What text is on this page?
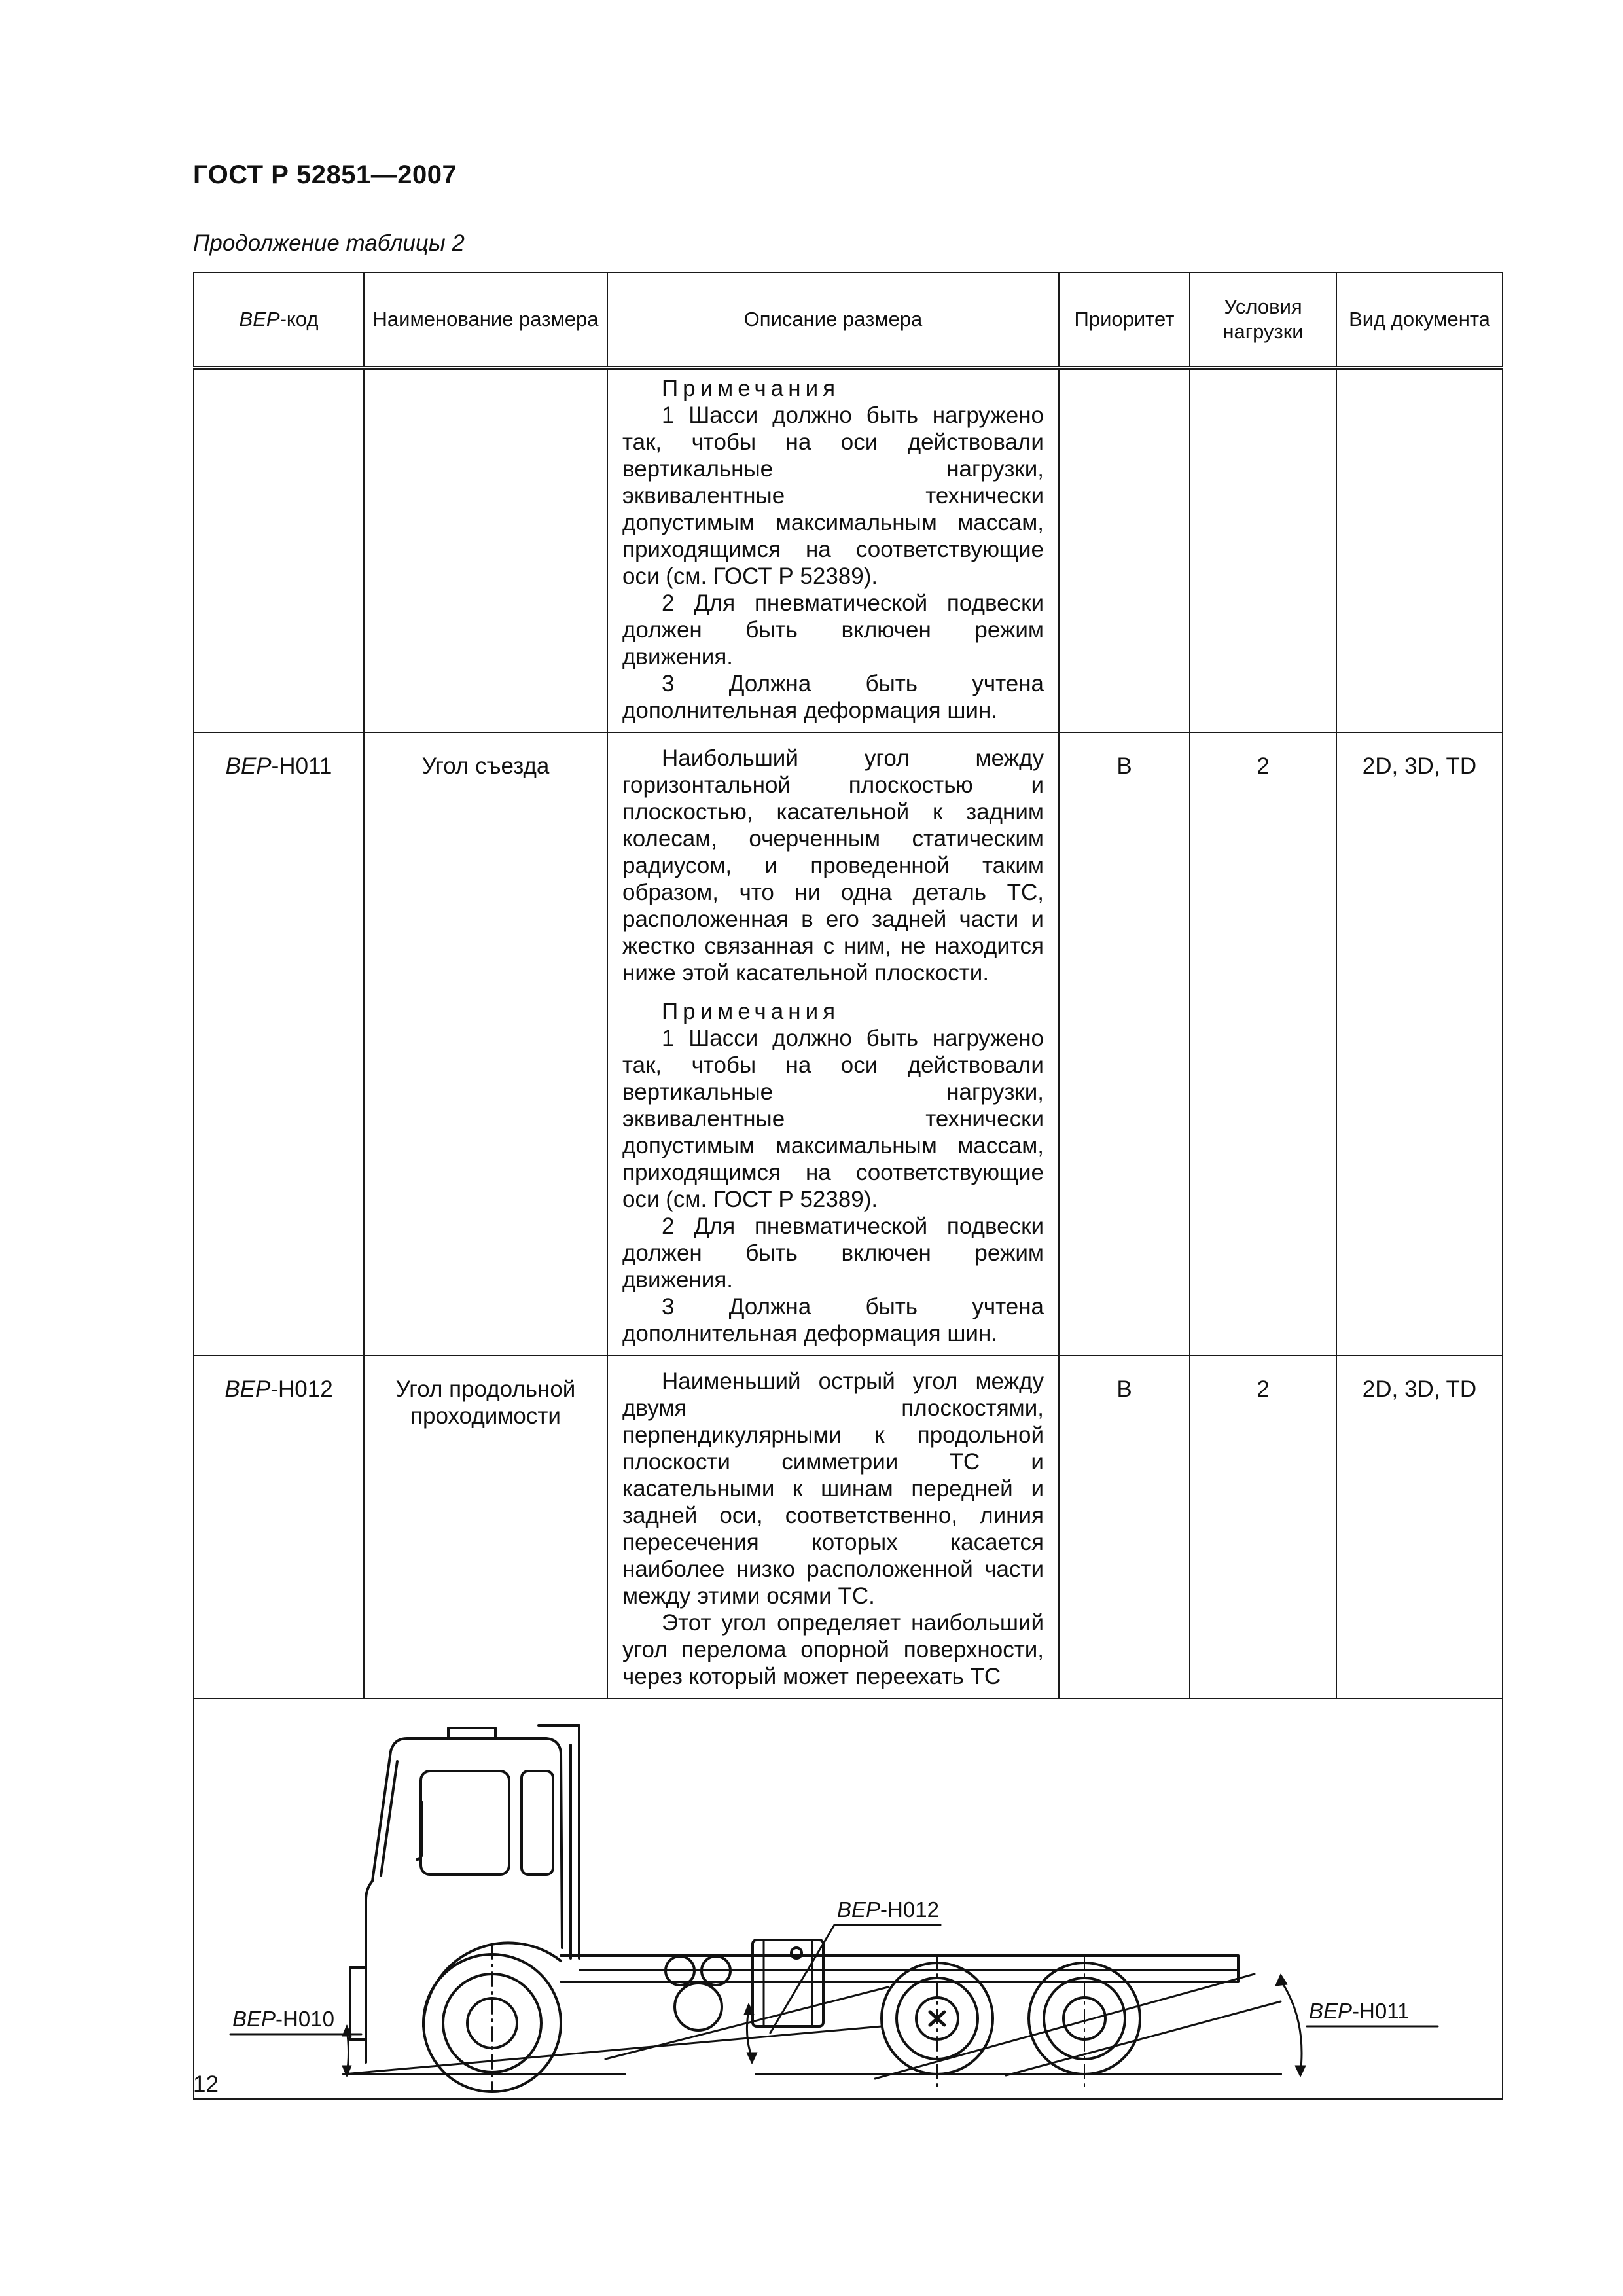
ГОСТ Р 52851—2007
Продолжение таблицы 2
ВЕР-код	Наименование размера	Описание размера	Приоритет	Условия нагрузки	Вид документа

		Примечания

1 Шасси должно быть нагружено так, чтобы на оси действовали вертикальные нагрузки, эквивалентные технически допустимым максимальным массам, приходящимся на соответствующие оси (см. ГОСТ Р 52389).

2 Для пневматической подвески должен быть включен режим движения.

3 Должна быть учтена дополнительная деформация шин.			

ВЕР-H011	Угол съезда	Наибольший угол между горизонтальной плоскостью и плоскостью, касательной к задним колесам, очерченным статическим радиусом, и проведенной таким образом, что ни одна деталь ТС, расположенная в его задней части и жестко связанная с ним, не находится ниже этой касательной плоскости.

Примечания

1 Шасси должно быть нагружено так, чтобы на оси действовали вертикальные нагрузки, эквивалентные технически допустимым максимальным массам, приходящимся на соответствующие оси (см. ГОСТ Р 52389).

2 Для пневматической подвески должен быть включен режим движения.

3 Должна быть учтена дополнительная деформация шин.	В	2	2D, 3D, TD
ВЕР-H012	Угол продольной проходимости	Наименьший острый угол между двумя плоскостями, перпендикулярными к продольной плоскости симметрии ТС и касательными к шинам передней и задней оси, соответственно, линия пересечения которых касается наиболее низко расположенной части между этими осями ТС.

Этот угол определяет наибольший угол перелома опорной поверхности, через который может переехать ТС	В	2	2D, 3D, TD

ВЕР-H010
ВЕР-H012
ВЕР-H011					
12
